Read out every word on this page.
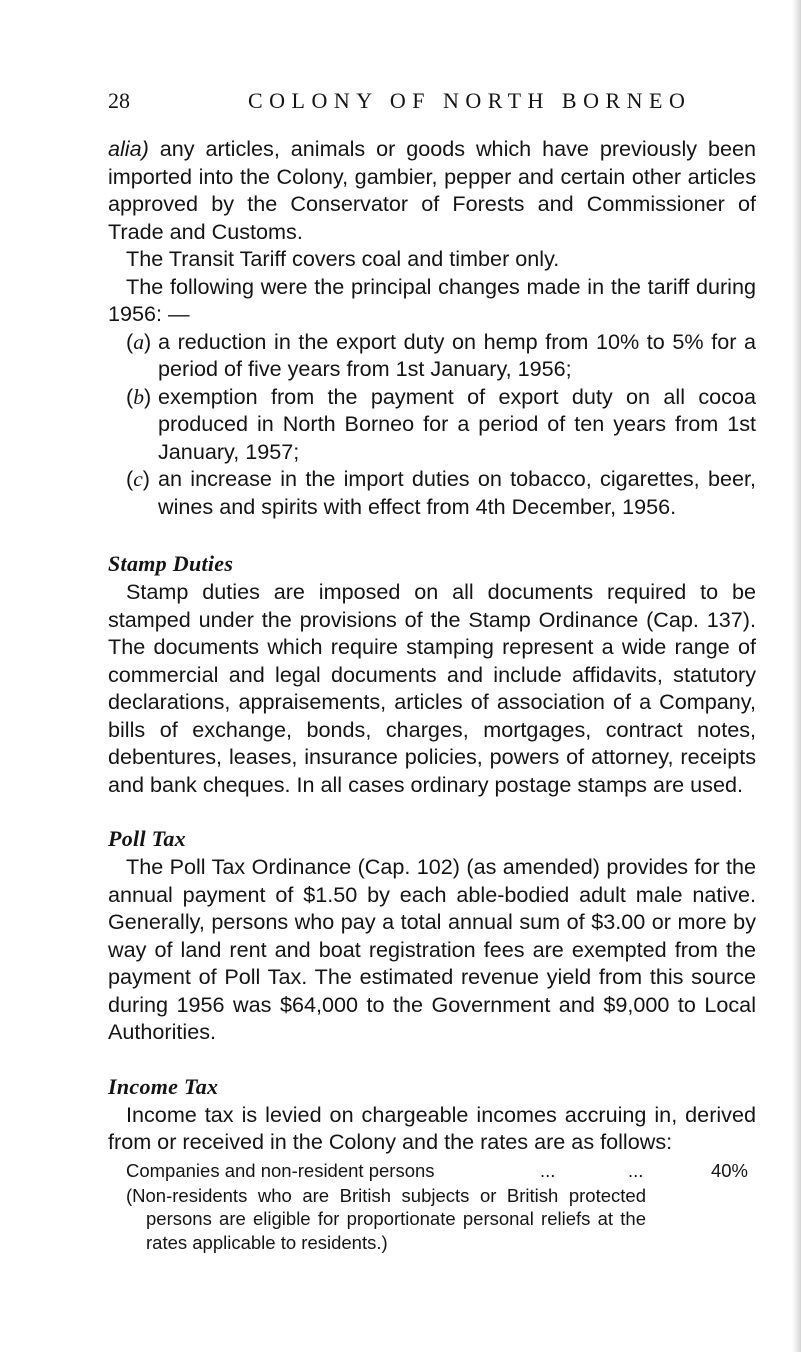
28	COLONY OF NORTH BORNEO

alia) any articles, animals or goods which have previously been imported into the Colony, gambier, pepper and certain other articles approved by the Conservator of Forests and Commissioner of Trade and Customs.

The Transit Tariff covers coal and timber only.

The following were the principal changes made in the tariff during 1956: —

(a) a reduction in the export duty on hemp from 10% to 5% for a period of five years from 1st January, 1956;
(b) exemption from the payment of export duty on all cocoa produced in North Borneo for a period of ten years from 1st January, 1957;
(c) an increase in the import duties on tobacco, cigarettes, beer, wines and spirits with effect from 4th December, 1956.
Stamp Duties

Stamp duties are imposed on all documents required to be stamped under the provisions of the Stamp Ordinance (Cap. 137). The documents which require stamping represent a wide range of commercial and legal documents and include affidavits, statutory declarations, appraisements, articles of association of a Company, bills of exchange, bonds, charges, mortgages, contract notes, debentures, leases, insurance policies, powers of attorney, receipts and bank cheques. In all cases ordinary postage stamps are used.

Poll Tax

The Poll Tax Ordinance (Cap. 102) (as amended) provides for the annual payment of $1.50 by each able-bodied adult male native. Generally, persons who pay a total annual sum of $3.00 or more by way of land rent and boat registration fees are exempted from the payment of Poll Tax. The estimated revenue yield from this source during 1956 was $64,000 to the Government and $9,000 to Local Authorities.

Income Tax

Income tax is levied on chargeable incomes accruing in, derived from or received in the Colony and the rates are as follows:

Companies and non-resident persons	...	...	40%
(Non-residents who are British subjects or British protected persons are eligible for proportionate personal reliefs at the rates applicable to residents.)
